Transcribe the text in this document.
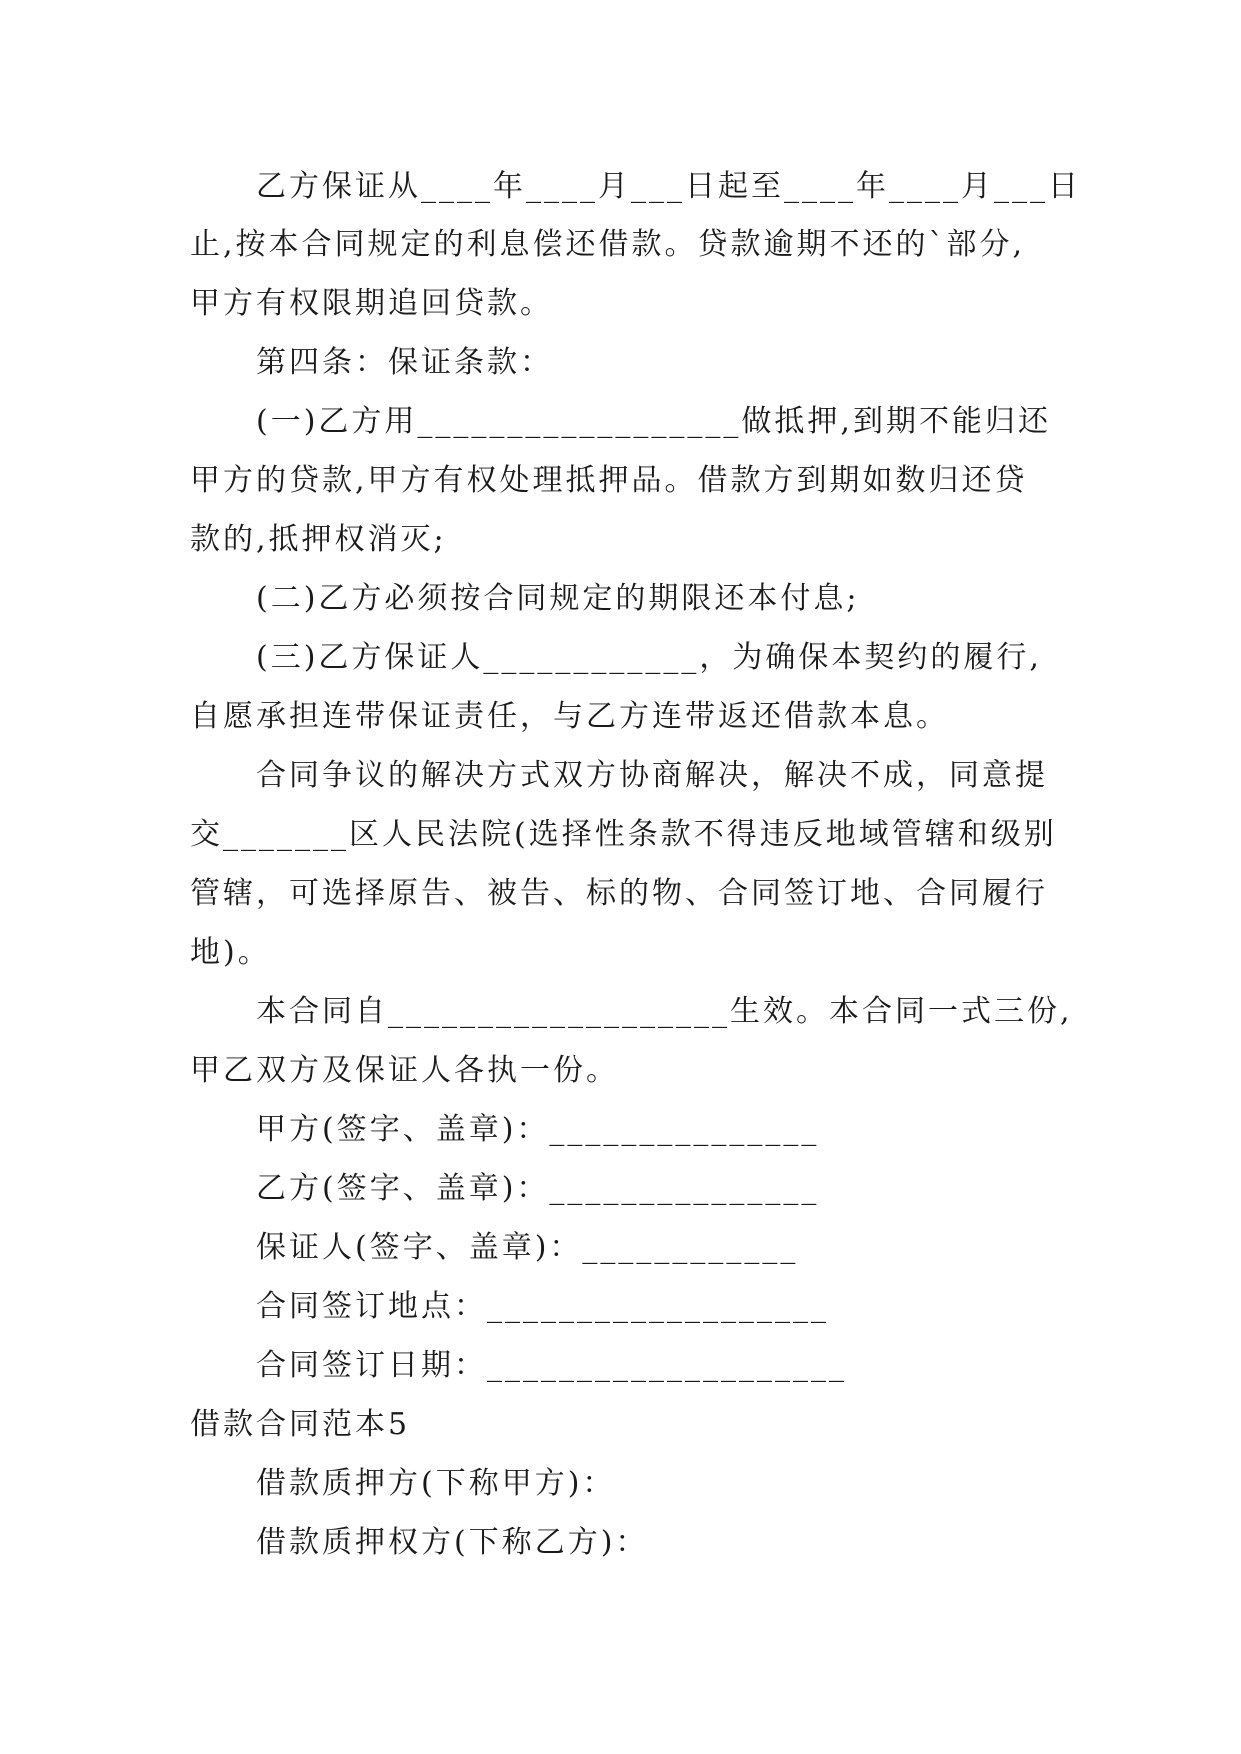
乙方保证从____年____月___日起至____年____月___日
止,按本合同规定的利息偿还借款。贷款逾期不还的`部分,
甲方有权限期追回贷款。
第四条：保证条款：
(一)乙方用__________________做抵押,到期不能归还
甲方的贷款,甲方有权处理抵押品。借款方到期如数归还贷
款的,抵押权消灭;
(二)乙方必须按合同规定的期限还本付息;
(三)乙方保证人____________，为确保本契约的履行,
自愿承担连带保证责任，与乙方连带返还借款本息。
合同争议的解决方式双方协商解决，解决不成，同意提
交_______区人民法院(选择性条款不得违反地域管辖和级别
管辖，可选择原告、被告、标的物、合同签订地、合同履行
地)。
本合同自___________________生效。本合同一式三份,
甲乙双方及保证人各执一份。
甲方(签字、盖章)：_______________
乙方(签字、盖章)：_______________
保证人(签字、盖章)：____________
合同签订地点：___________________
合同签订日期：____________________
借款合同范本5
借款质押方(下称甲方)：
借款质押权方(下称乙方)：
